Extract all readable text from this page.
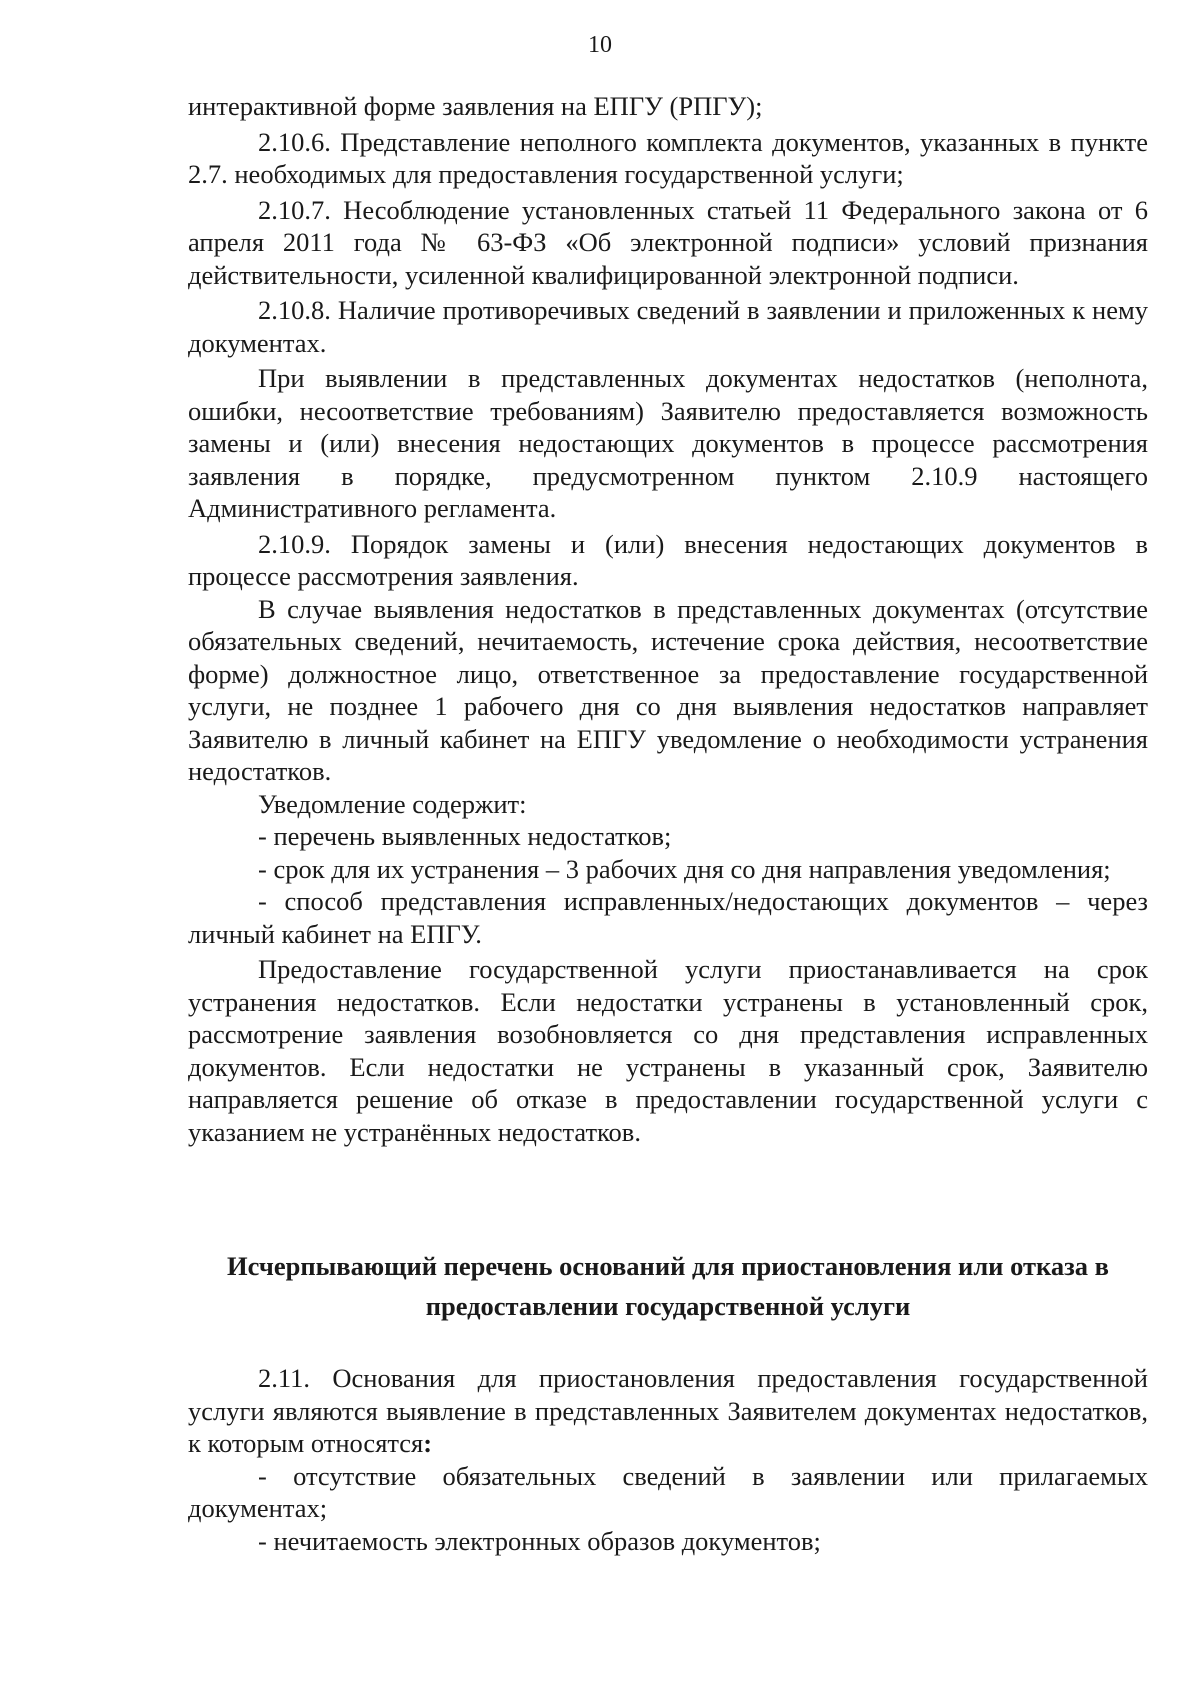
10

интерактивной форме заявления на ЕПГУ (РПГУ);

2.10.6. Представление неполного комплекта документов, указанных в пункте 2.7. необходимых для предоставления государственной услуги;

2.10.7. Несоблюдение установленных статьей 11 Федерального закона от 6 апреля 2011 года № 63-ФЗ «Об электронной подписи» условий признания действительности, усиленной квалифицированной электронной подписи.

2.10.8. Наличие противоречивых сведений в заявлении и приложенных к нему документах.

При выявлении в представленных документах недостатков (неполнота, ошибки, несоответствие требованиям) Заявителю предоставляется возможность замены и (или) внесения недостающих документов в процессе рассмотрения заявления в порядке, предусмотренном пунктом 2.10.9 настоящего Административного регламента.

2.10.9. Порядок замены и (или) внесения недостающих документов в процессе рассмотрения заявления.

В случае выявления недостатков в представленных документах (отсутствие обязательных сведений, нечитаемость, истечение срока действия, несоответствие форме) должностное лицо, ответственное за предоставление государственной услуги, не позднее 1 рабочего дня со дня выявления недостатков направляет Заявителю в личный кабинет на ЕПГУ уведомление о необходимости устранения недостатков.

Уведомление содержит:

- перечень выявленных недостатков;

- срок для их устранения – 3 рабочих дня со дня направления уведомления;

- способ представления исправленных/недостающих документов – через личный кабинет на ЕПГУ.

Предоставление государственной услуги приостанавливается на срок устранения недостатков. Если недостатки устранены в установленный срок, рассмотрение заявления возобновляется со дня представления исправленных документов. Если недостатки не устранены в указанный срок, Заявителю направляется решение об отказе в предоставлении государственной услуги с указанием не устранённых недостатков.

Исчерпывающий перечень оснований для приостановления или отказа в предоставлении государственной услуги

2.11. Основания для приостановления предоставления государственной услуги являются выявление в представленных Заявителем документах недостатков, к которым относятся:

- отсутствие обязательных сведений в заявлении или прилагаемых документах;

- нечитаемость электронных образов документов;
